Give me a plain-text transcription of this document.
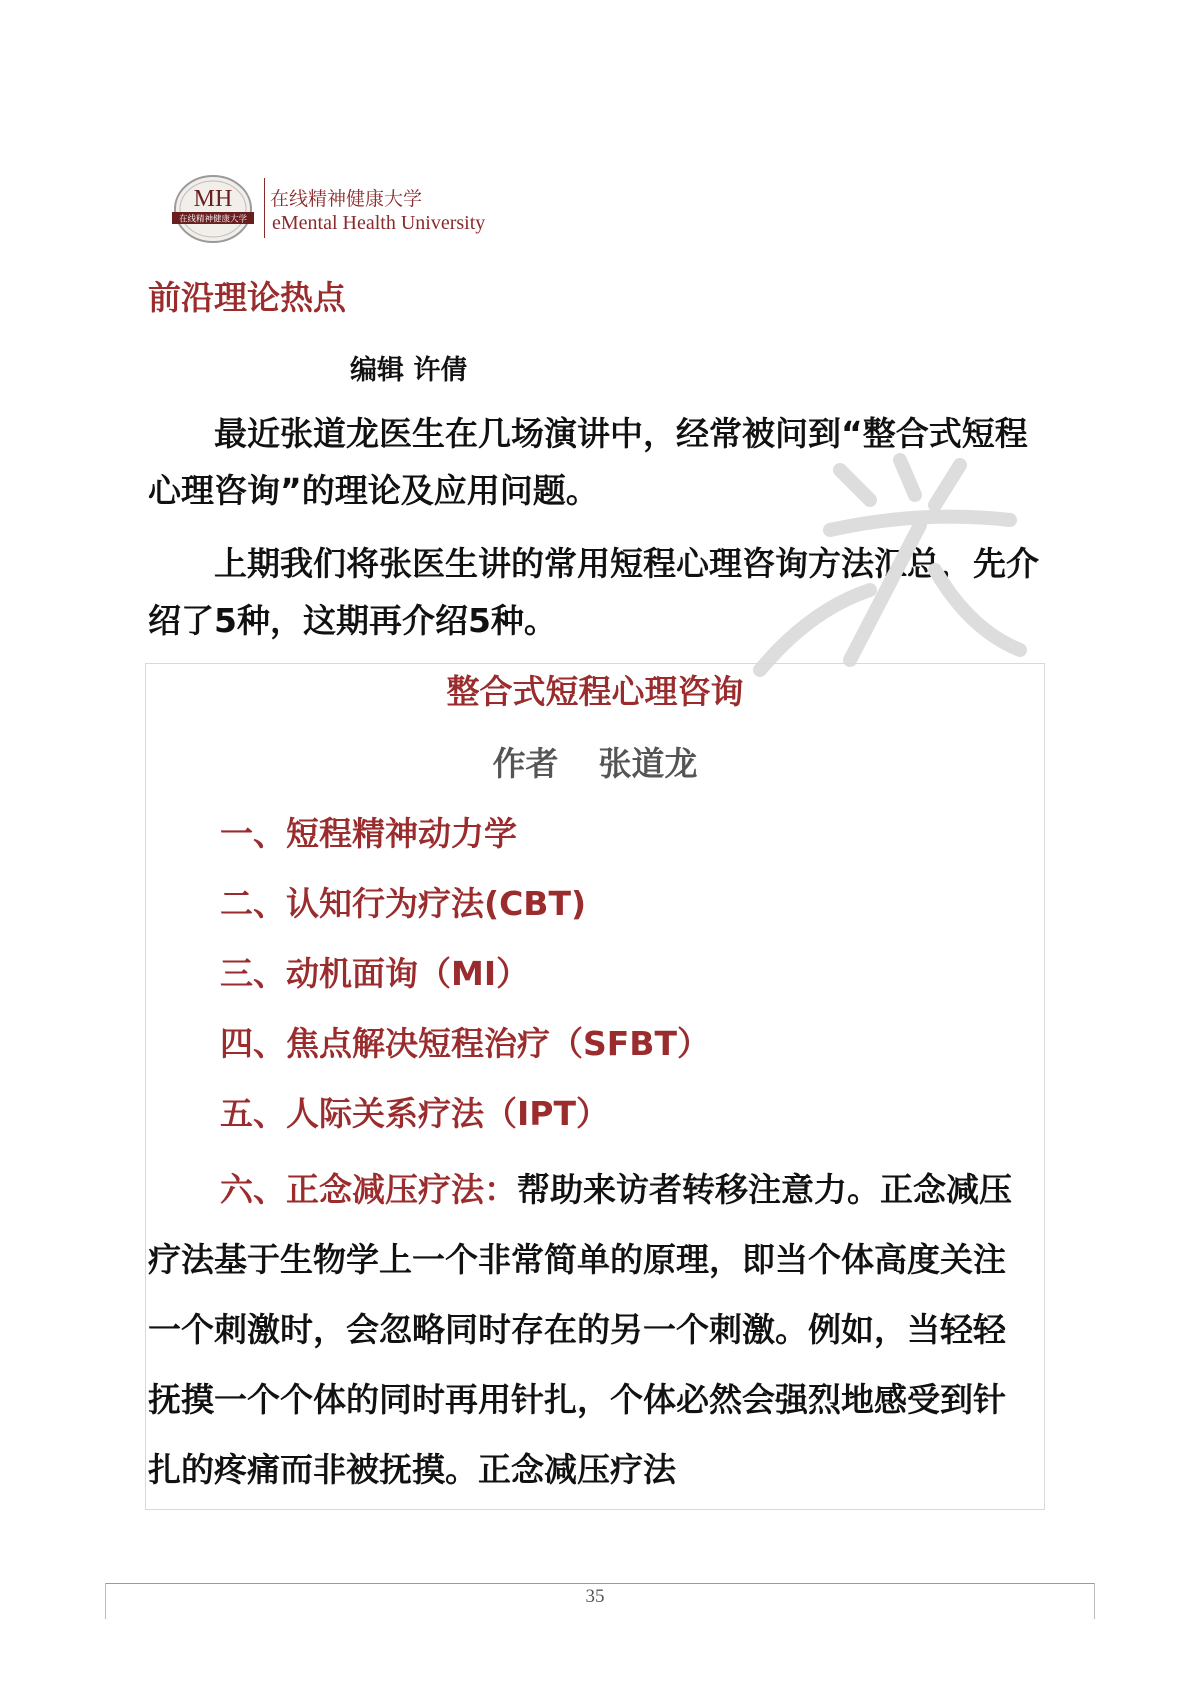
MH
在线精神健康大学
在线精神健康大学
eMental Health University
前沿理论热点
编辑 许倩

最近张道龙医生在几场演讲中，经常被问到“整合式短程心理咨询”的理论及应用问题。

上期我们将张医生讲的常用短程心理咨询方法汇总，先介绍了5种，这期再介绍5种。

整合式短程心理咨询
作者 张道龙
一、短程精神动力学
二、认知行为疗法(CBT)
三、动机面询（MI）
四、焦点解决短程治疗（SFBT）
五、人际关系疗法（IPT）

六、正念减压疗法：帮助来访者转移注意力。正念减压疗法基于生物学上一个非常简单的原理，即当个体高度关注一个刺激时，会忽略同时存在的另一个刺激。例如，当轻轻抚摸一个个体的同时再用针扎，个体必然会强烈地感受到针扎的疼痛而非被抚摸。正念减压疗法

35
